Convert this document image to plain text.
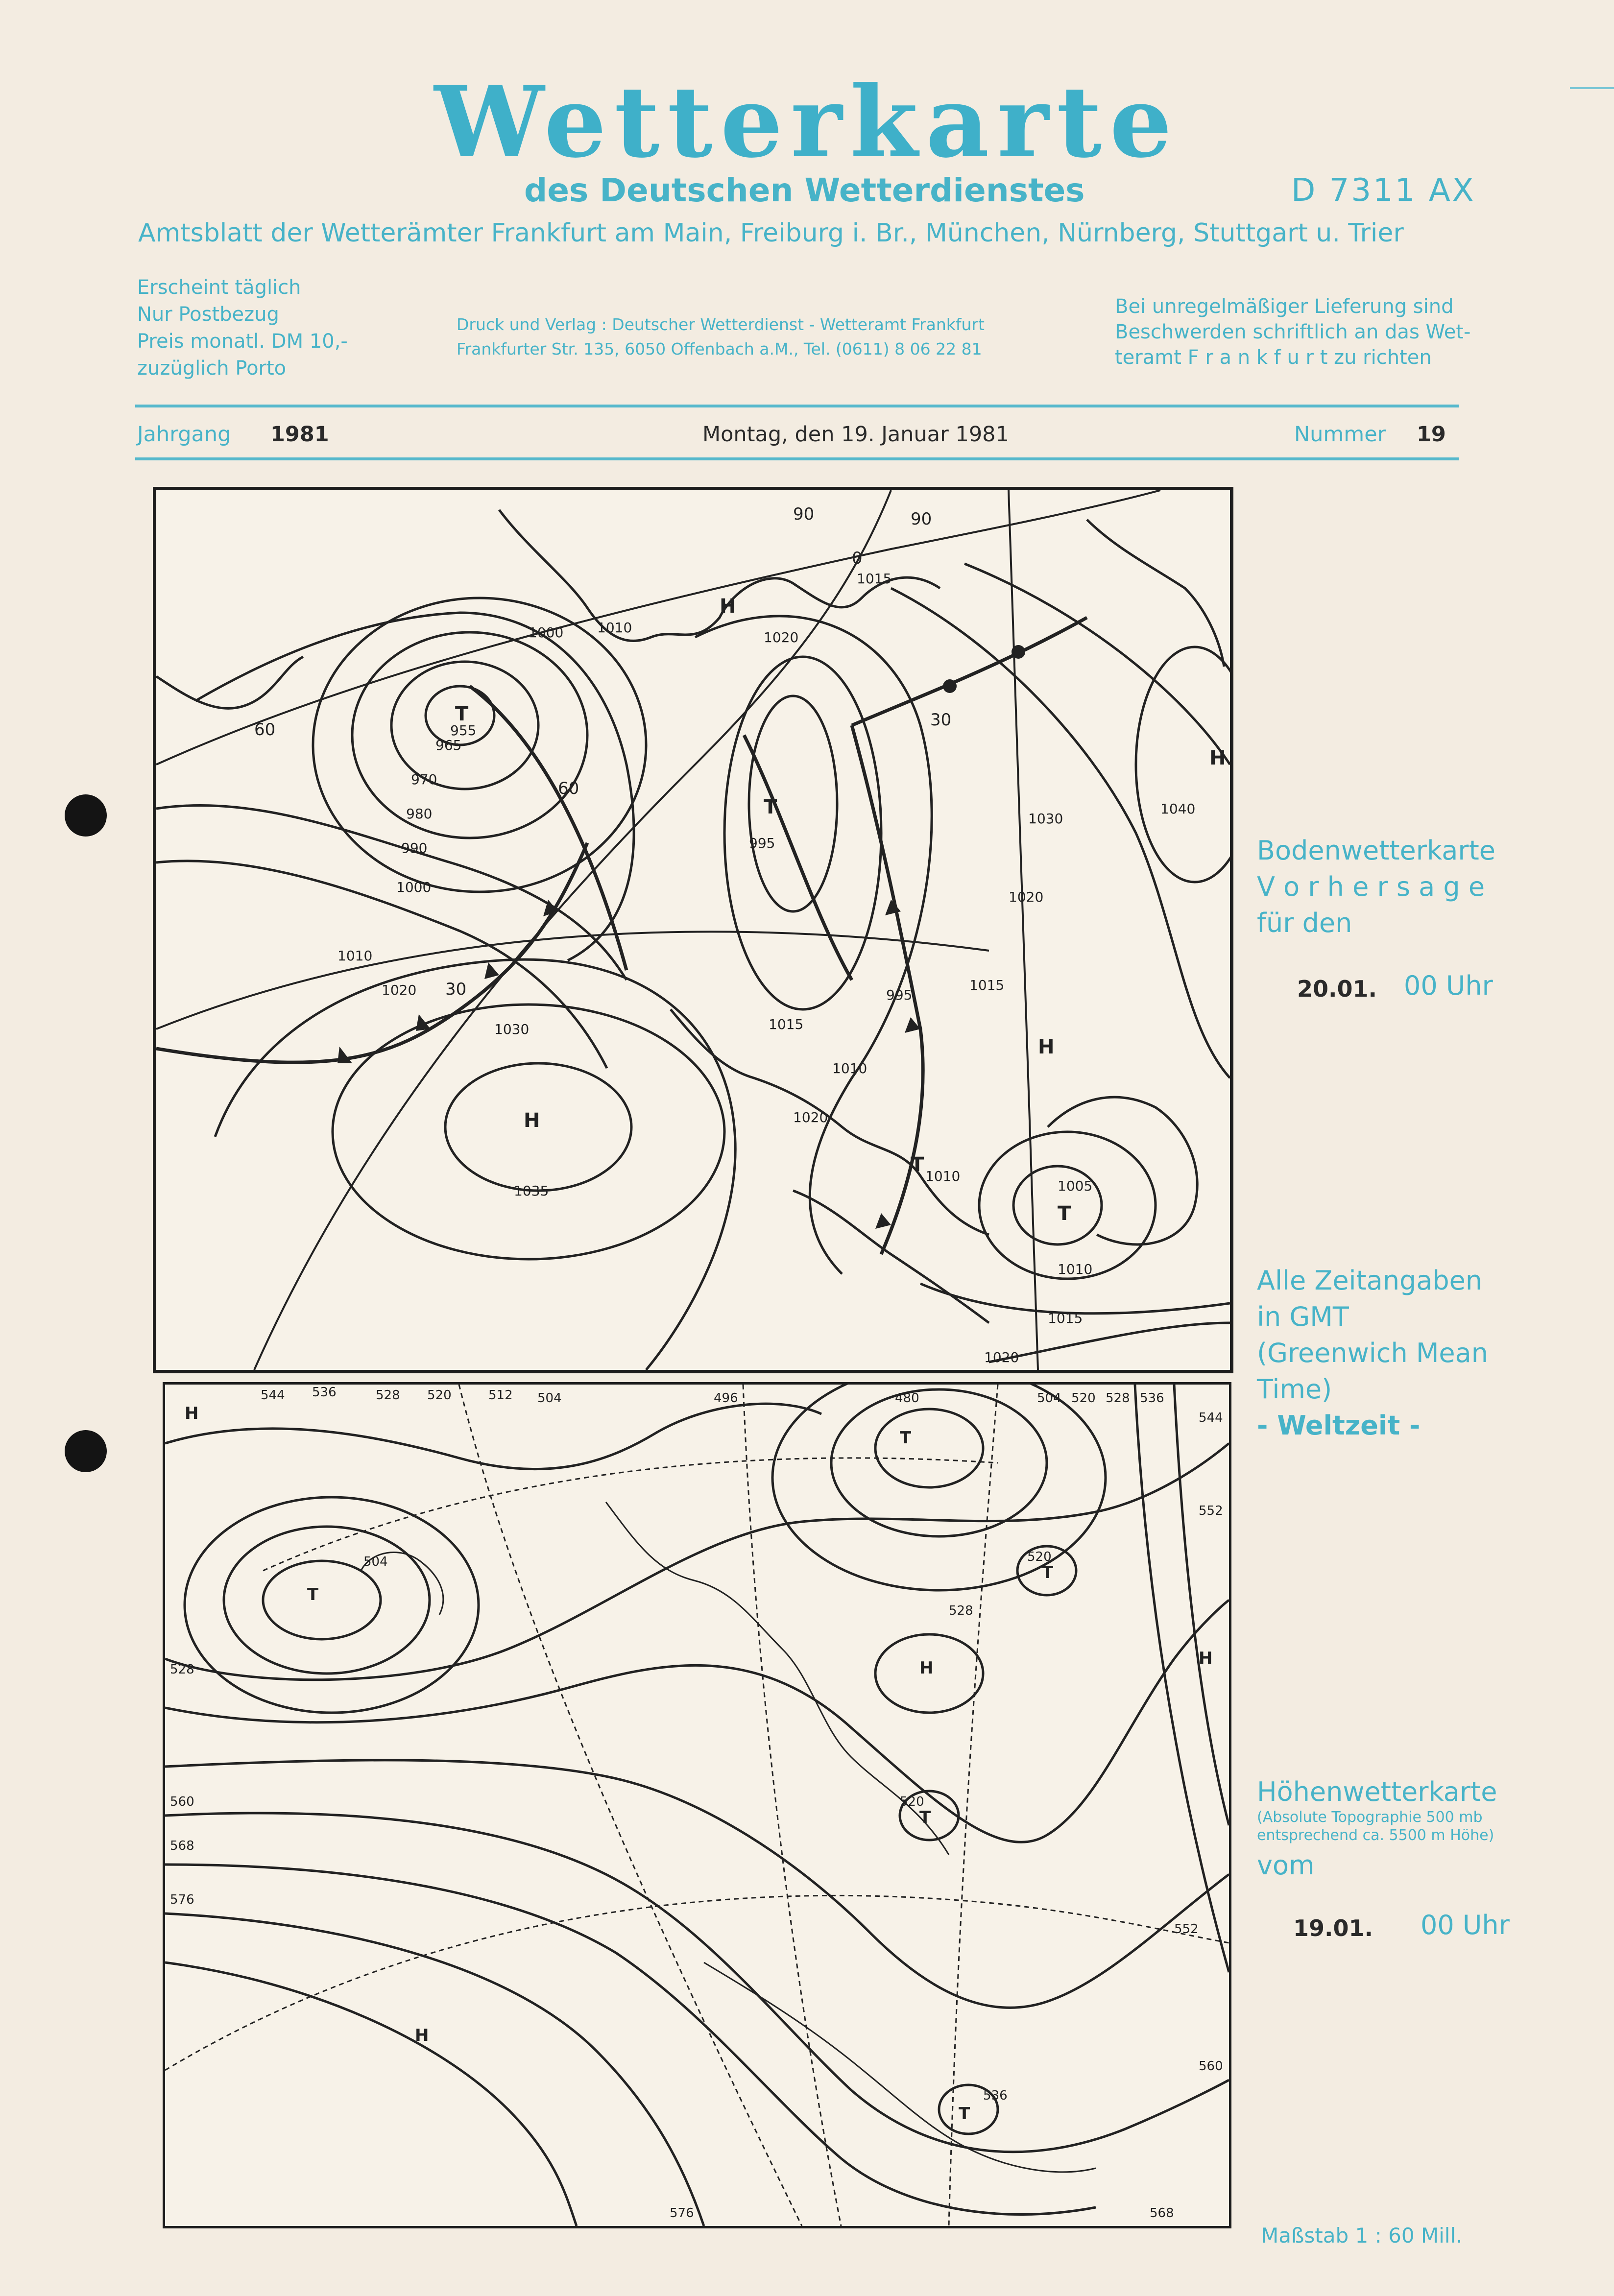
Wetterkarte
des Deutschen Wetterdienstes	D 7311 AX
Amtsblatt der Wetterämter Frankfurt am Main, Freiburg i. Br., München, Nürnberg, Stuttgart u. Trier
Erscheint täglich
Nur Postbezug
Preis monatl. DM 10,-
zuzüglich Porto
Druck und Verlag : Deutscher Wetterdienst - Wetteramt Frankfurt
Frankfurter Str. 135, 6050 Offenbach a.M., Tel. (0611) 8 06 22 81
Bei unregelmäßiger Lieferung sind
Beschwerden schriftlich an das Wet-
teramt F r a n k f u r t zu richten
Jahrgang 1981	Montag, den 19. Januar 1981	Nummer 19
1010
1000	1020
1015
965
955
970
980
990
1000
1010
1020
1030
1035
995
1030
1020
1040
1015
1010
1020
1015
995
1010
1005
1010
1015
1020
H
T
H
T
T
H
T
H
60
60
30
30
0
90	90
Bodenwetterkarte
V o r h e r s a g e
für den
20.01. 00 Uhr
Alle Zeitangaben
in GMT
(Greenwich Mean
Time)
- Weltzeit -
544 536	528 520	512 504	496	480	504 520 528 536
544
552
504
528
520
528
560
568
576
520
552
560
536
576	568
H
T
T
H
T
T
H
H
T
Höhenwetterkarte
(Absolute Topographie 500 mb
entsprechend ca. 5500 m Höhe)
vom
19.01. 00 Uhr
Maßstab 1 : 60 Mill.
